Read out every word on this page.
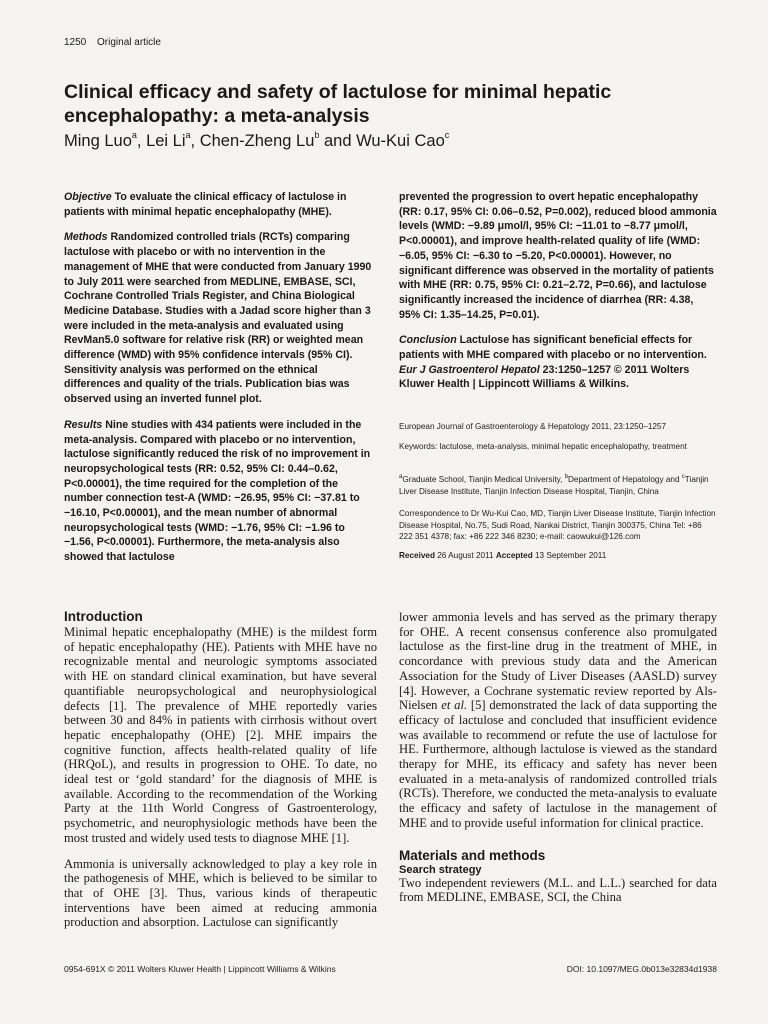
1250 Original article
Clinical efficacy and safety of lactulose for minimal hepatic encephalopathy: a meta-analysis
Ming Luo$^a$, Lei Li$^a$, Chen-Zheng Lu$^b$ and Wu-Kui Cao$^c$

Objective To evaluate the clinical efficacy of lactulose in patients with minimal hepatic encephalopathy (MHE).

Methods Randomized controlled trials (RCTs) comparing lactulose with placebo or with no intervention in the management of MHE that were conducted from January 1990 to July 2011 were searched from MEDLINE, EMBASE, SCI, Cochrane Controlled Trials Register, and China Biological Medicine Database. Studies with a Jadad score higher than 3 were included in the meta-analysis and evaluated using RevMan5.0 software for relative risk (RR) or weighted mean difference (WMD) with 95% confidence intervals (95% CI). Sensitivity analysis was performed on the ethnical differences and quality of the trials. Publication bias was observed using an inverted funnel plot.

Results Nine studies with 434 patients were included in the meta-analysis. Compared with placebo or no intervention, lactulose significantly reduced the risk of no improvement in neuropsychological tests (RR: 0.52, 95% CI: 0.44–0.62, P<0.00001), the time required for the completion of the number connection test-A (WMD: −26.95, 95% CI: −37.81 to −16.10, P<0.00001), and the mean number of abnormal neuropsychological tests (WMD: −1.76, 95% CI: −1.96 to −1.56, P<0.00001). Furthermore, the meta-analysis also showed that lactulose

prevented the progression to overt hepatic encephalopathy (RR: 0.17, 95% CI: 0.06–0.52, P=0.002), reduced blood ammonia levels (WMD: −9.89 μmol/l, 95% CI: −11.01 to −8.77 μmol/l, P<0.00001), and improve health-related quality of life (WMD: −6.05, 95% CI: −6.30 to −5.20, P<0.00001). However, no significant difference was observed in the mortality of patients with MHE (RR: 0.75, 95% CI: 0.21–2.72, P=0.66), and lactulose significantly increased the incidence of diarrhea (RR: 4.38, 95% CI: 1.35–14.25, P=0.01).

Conclusion Lactulose has significant beneficial effects for patients with MHE compared with placebo or no intervention. Eur J Gastroenterol Hepatol 23:1250–1257 © 2011 Wolters Kluwer Health | Lippincott Williams & Wilkins.

European Journal of Gastroenterology & Hepatology 2011, 23:1250–1257
Keywords: lactulose, meta-analysis, minimal hepatic encephalopathy, treatment
$^a$Graduate School, Tianjin Medical University, $^b$Department of Hepatology and $^c$Tianjin Liver Disease Institute, Tianjin Infection Disease Hospital, Tianjin, China
Correspondence to Dr Wu-Kui Cao, MD, Tianjin Liver Disease Institute, Tianjin Infection Disease Hospital, No.75, Sudi Road, Nankai District, Tianjin 300375, China Tel: +86 222 351 4378; fax: +86 222 346 8230; e-mail: caowukui@126.com
Received 26 August 2011 Accepted 13 September 2011
Introduction

Minimal hepatic encephalopathy (MHE) is the mildest form of hepatic encephalopathy (HE). Patients with MHE have no recognizable mental and neurologic symptoms associated with HE on standard clinical examination, but have several quantifiable neuropsychological and neurophysiological defects [1]. The prevalence of MHE reportedly varies between 30 and 84% in patients with cirrhosis without overt hepatic encephalopathy (OHE) [2]. MHE impairs the cognitive function, affects health-related quality of life (HRQoL), and results in progression to OHE. To date, no ideal test or ‘gold standard’ for the diagnosis of MHE is available. According to the recommendation of the Working Party at the 11th World Congress of Gastroenterology, psychometric, and neurophysiologic methods have been the most trusted and widely used tests to diagnose MHE [1].

Ammonia is universally acknowledged to play a key role in the pathogenesis of MHE, which is believed to be similar to that of OHE [3]. Thus, various kinds of therapeutic interventions have been aimed at reducing ammonia production and absorption. Lactulose can significantly

lower ammonia levels and has served as the primary therapy for OHE. A recent consensus conference also promulgated lactulose as the first-line drug in the treatment of MHE, in concordance with previous study data and the American Association for the Study of Liver Diseases (AASLD) survey [4]. However, a Cochrane systematic review reported by Als-Nielsen et al. [5] demonstrated the lack of data supporting the efficacy of lactulose and concluded that insufficient evidence was available to recommend or refute the use of lactulose for HE. Furthermore, although lactulose is viewed as the standard therapy for MHE, its efficacy and safety has never been evaluated in a meta-analysis of randomized controlled trials (RCTs). Therefore, we conducted the meta-analysis to evaluate the efficacy and safety of lactulose in the management of MHE and to provide useful information for clinical practice.

Materials and methods
Search strategy

Two independent reviewers (M.L. and L.L.) searched for data from MEDLINE, EMBASE, SCI, the China

0954-691X © 2011 Wolters Kluwer Health | Lippincott Williams & Wilkins	DOI: 10.1097/MEG.0b013e32834d1938
